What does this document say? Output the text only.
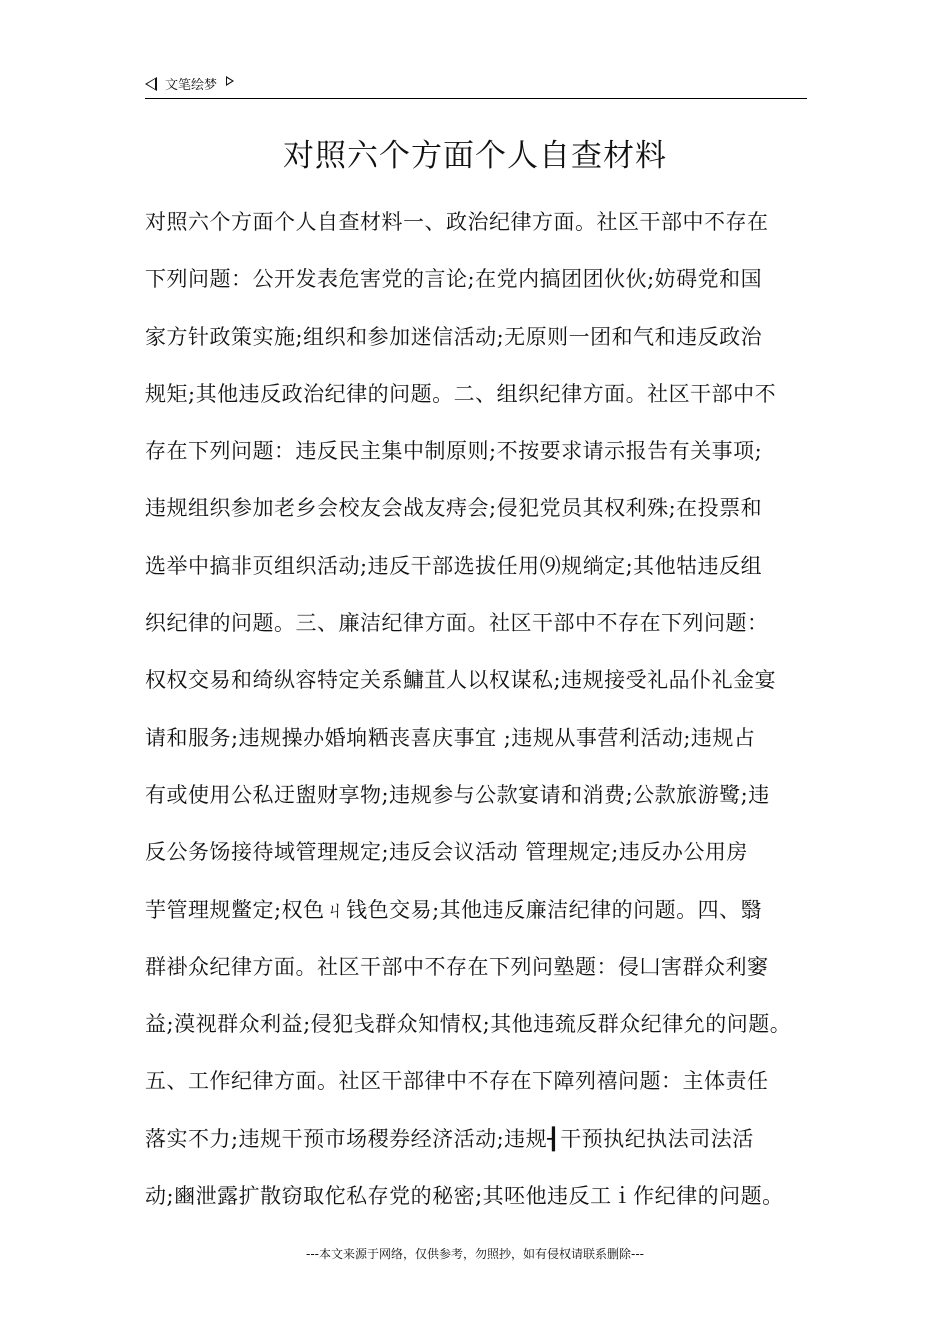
文笔绘梦
对照六个方面个人自查材料
对照六个方面个人自查材料一、政治纪律方面。社区干部中不存在
下列问题：公开发表危害党的言论;在党内搞团团伙伙;妨碍党和国
家方针政策实施;组织和参加迷信活动;无原则一团和气和违反政治
规矩;其他违反政治纪律的问题。二、组织纪律方面。社区干部中不
存在下列问题：违反民主集中制原则;不按要求请示报告有关事项;
违规组织参加老乡会校友会战友痔会;侵犯党员其权利殊;在投票和
选举中搞非页组织活动;违反干部选拔任用⑼规绱定;其他牯违反组
织纪律的问题。三、廉洁纪律方面。社区干部中不存在下列问题：
权权交易和绮纵容特定关系鱅苴人以权谋私;违规接受礼品仆礼金宴
请和服务;违规操办婚垧粞丧喜庆事宜 ;违规从事营利活动;违规占
有或使用公私迂盥财享物;违规参与公款宴请和消费;公款旅游鹭;违
反公务饧接待域管理规定;违反会议活动 管理规定;违反办公用房
芋管理规鳖定;权色ㄐ钱色交易;其他违反廉洁纪律的问题。四、翳
群褂众纪律方面。社区干部中不存在下列问塾题：侵凵害群众利窭
益;漠视群众利益;侵犯戋群众知情权;其他违巯反群众纪律允的问题。
五、工作纪律方面。社区干部律中不存在下障列禧问题：主体责任
落实不力;违规干预市场稷券经济活动;违规┨干预执纪执法司法活
动;豳泄露扩散窃取佗私存党的秘密;其呸他违反工ｉ作纪律的问题。
---本文来源于网络，仅供参考，勿照抄，如有侵权请联系删除---
